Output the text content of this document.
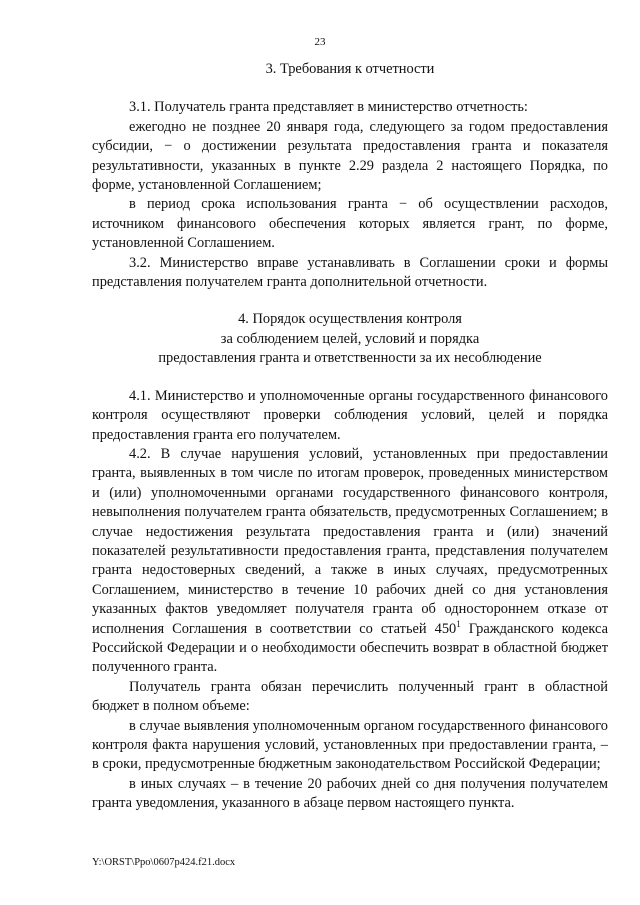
23

3. Требования к отчетности

3.1. Получатель гранта представляет в министерство отчетность:

ежегодно не позднее 20 января года, следующего за годом предоставления субсидии, − о достижении результата предоставления гранта и показателя результативности, указанных в пункте 2.29 раздела 2 настоящего Порядка, по форме, установленной Соглашением;

в период срока использования гранта − об осуществлении расходов, источником финансового обеспечения которых является грант, по форме, установленной Соглашением.

3.2. Министерство вправе устанавливать в Соглашении сроки и формы представления получателем гранта дополнительной отчетности.

4. Порядок осуществления контроля

за соблюдением целей, условий и порядка

предоставления гранта и ответственности за их несоблюдение

4.1. Министерство и уполномоченные органы государственного финансового контроля осуществляют проверки соблюдения условий, целей и порядка предоставления гранта его получателем.

4.2. В случае нарушения условий, установленных при предоставлении гранта, выявленных в том числе по итогам проверок, проведенных министерством и (или) уполномоченными органами государственного финансового контроля, невыполнения получателем гранта обязательств, предусмотренных Соглашением; в случае недостижения результата предоставления гранта и (или) значений показателей результативности предоставления гранта, представления получателем гранта недостоверных сведений, а также в иных случаях, предусмотренных Соглашением, министерство в течение 10 рабочих дней со дня установления указанных фактов уведомляет получателя гранта об одностороннем отказе от исполнения Соглашения в соответствии со статьей $450^1$ Гражданского кодекса Российской Федерации и о необходимости обеспечить возврат в областной бюджет полученного гранта.

Получатель гранта обязан перечислить полученный грант в областной бюджет в полном объеме:

в случае выявления уполномоченным органом государственного финансового контроля факта нарушения условий, установленных при предоставлении гранта, – в сроки, предусмотренные бюджетным законодательством Российской Федерации;

в иных случаях – в течение 20 рабочих дней со дня получения получателем гранта уведомления, указанного в абзаце первом настоящего пункта.

Y:\ORST\Ppo\0607p424.f21.docx
